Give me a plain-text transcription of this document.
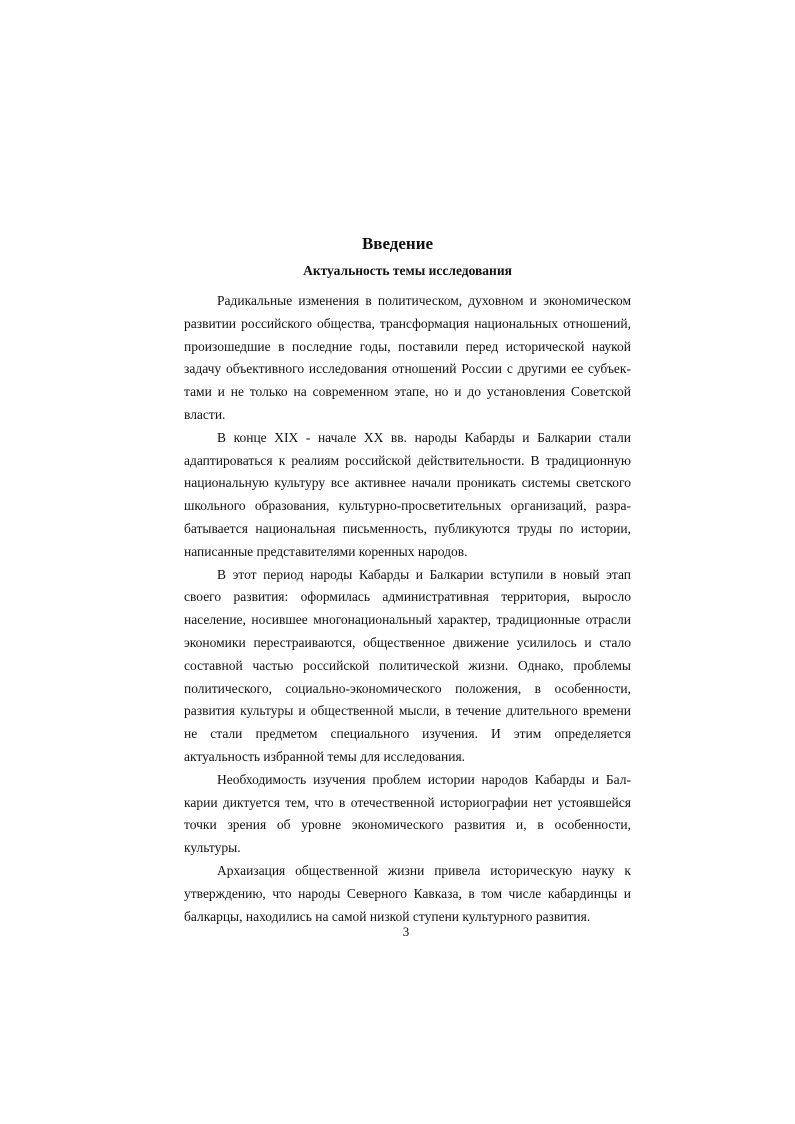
Введение
Актуальность темы исследования

Радикальные изменения в политическом, духовном и экономическом развитии российского общества, трансформация национальных отношений, произошедшие в последние годы, поставили перед исторической наукой задачу объективного исследования отношений России с другими ее субъектами и не только на современном этапе, но и до установления Советской власти.

В конце XIX - начале XX вв. народы Кабарды и Балкарии стали адаптироваться к реалиям российской действительности. В традиционную национальную культуру все активнее начали проникать системы светского школьного образования, культурно-просветительных организаций, разрабатывается национальная письменность, публикуются труды по истории, написанные представителями коренных народов.

В этот период народы Кабарды и Балкарии вступили в новый этап своего развития: оформилась административная территория, выросло население, носившее многонациональный характер, традиционные отрасли экономики перестраиваются, общественное движение усилилось и стало составной частью российской политической жизни. Однако, проблемы политического, социально-экономического положения, в особенности, развития культуры и общественной мысли, в течение длительного времени не стали предметом специального изучения. И этим определяется актуальность избранной темы для исследования.

Необходимость изучения проблем истории народов Кабарды и Балкарии диктуется тем, что в отечественной историографии нет устоявшейся точки зрения об уровне экономического развития и, в особенности, культуры.

Архаизация общественной жизни привела историческую науку к утверждению, что народы Северного Кавказа, в том числе кабардинцы и балкарцы, находились на самой низкой ступени культурного развития.

3
